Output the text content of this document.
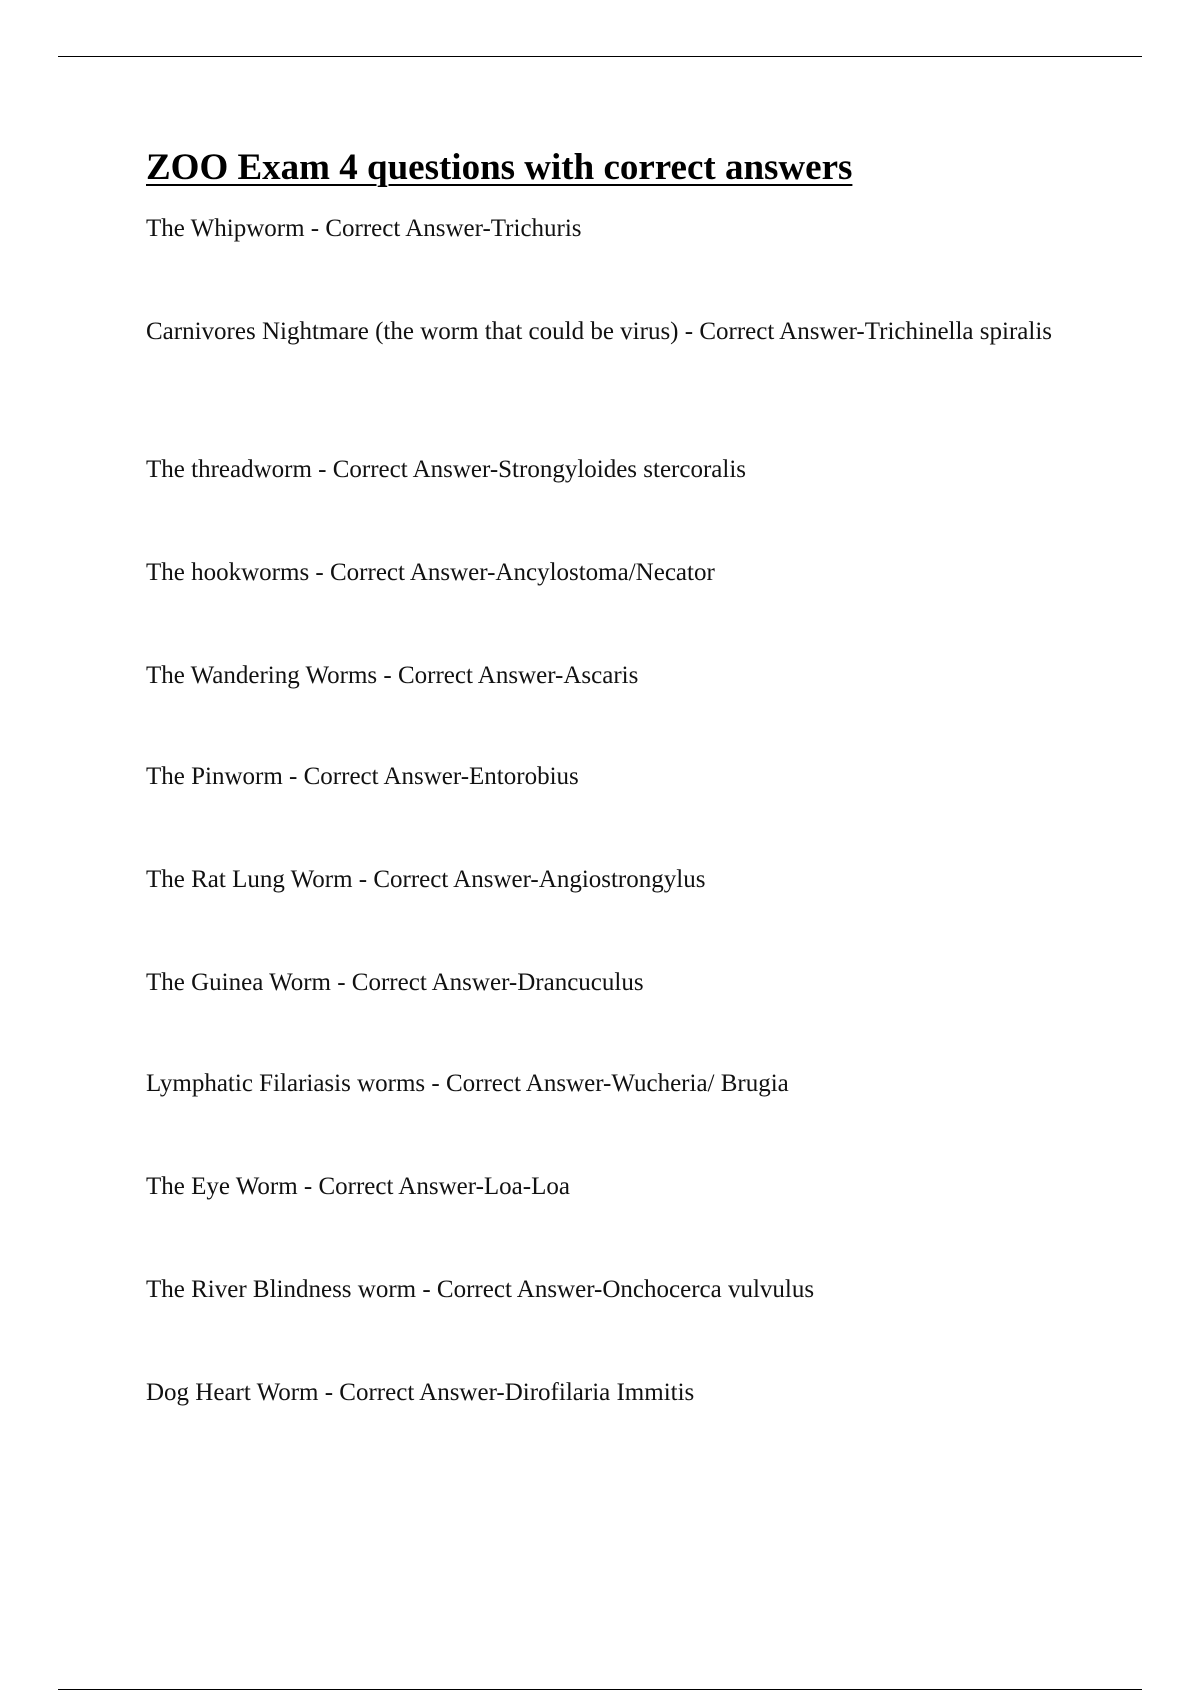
ZOO Exam 4 questions with correct answers
The Whipworm - Correct Answer-Trichuris
Carnivores Nightmare (the worm that could be virus) - Correct Answer-Trichinella spiralis
The threadworm - Correct Answer-Strongyloides stercoralis
The hookworms - Correct Answer-Ancylostoma/Necator
The Wandering Worms - Correct Answer-Ascaris
The Pinworm - Correct Answer-Entorobius
The Rat Lung Worm - Correct Answer-Angiostrongylus
The Guinea Worm - Correct Answer-Drancuculus
Lymphatic Filariasis worms - Correct Answer-Wucheria/ Brugia
The Eye Worm - Correct Answer-Loa-Loa
The River Blindness worm - Correct Answer-Onchocerca vulvulus
Dog Heart Worm - Correct Answer-Dirofilaria Immitis
